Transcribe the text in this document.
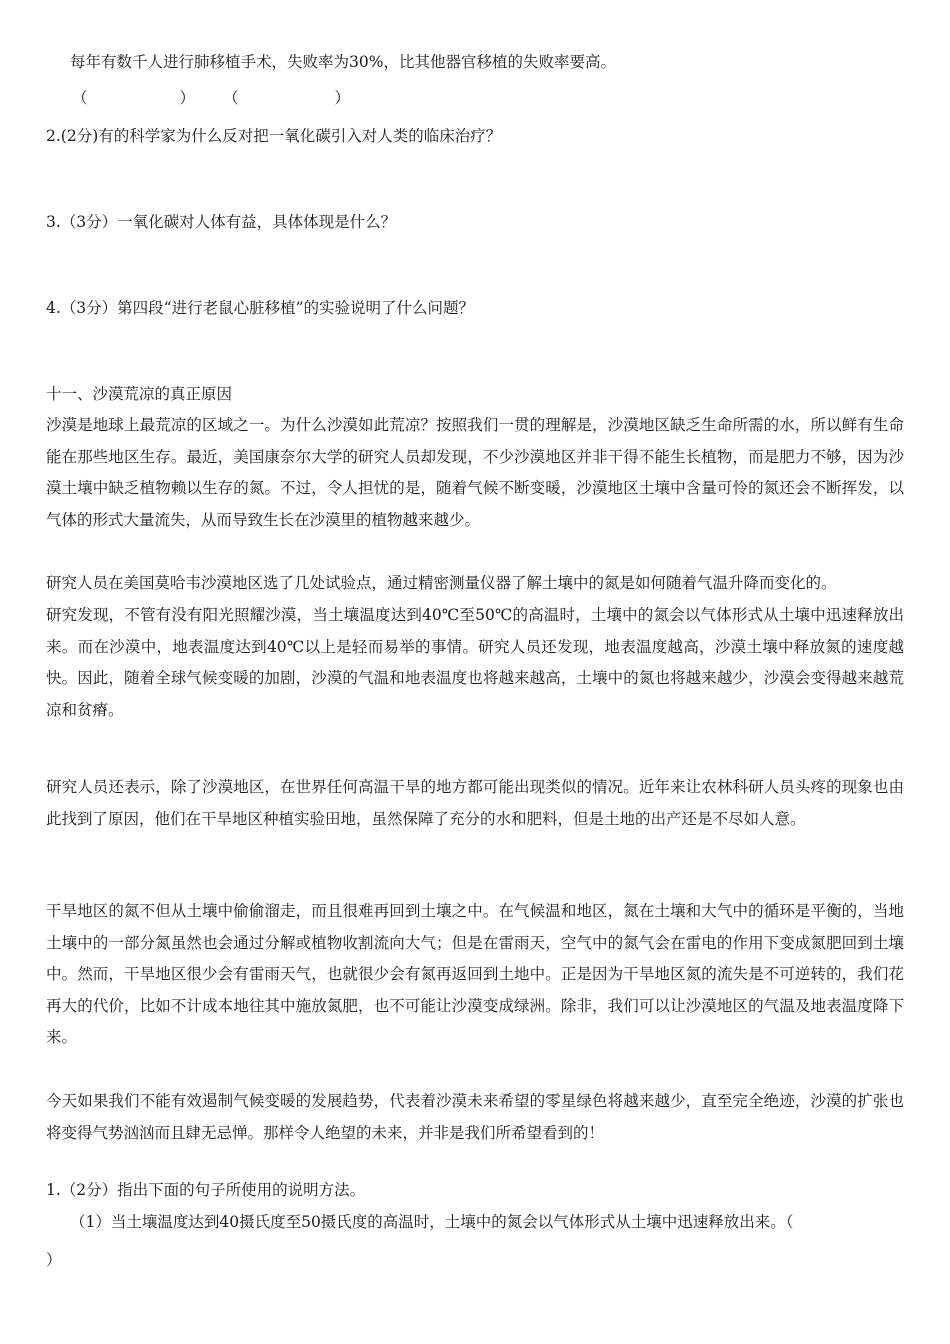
每年有数千人进行肺移植手术，失败率为30%，比其他器官移植的失败率要高。
（	） （	）
2.(2分)有的科学家为什么反对把一氧化碳引入对人类的临床治疗？
3.（3分）一氧化碳对人体有益，具体体现是什么？
4.（3分）第四段“进行老鼠心脏移植”的实验说明了什么问题？
十一、沙漠荒凉的真正原因
沙漠是地球上最荒凉的区域之一。为什么沙漠如此荒凉？按照我们一贯的理解是，沙漠地区缺乏生命所需的水，所以鲜有生命能在那些地区生存。最近，美国康奈尔大学的研究人员却发现，不少沙漠地区并非干得不能生长植物，而是肥力不够，因为沙漠土壤中缺乏植物赖以生存的氮。不过，令人担忧的是，随着气候不断变暖，沙漠地区土壤中含量可怜的氮还会不断挥发，以气体的形式大量流失，从而导致生长在沙漠里的植物越来越少。
研究人员在美国莫哈韦沙漠地区选了几处试验点，通过精密测量仪器了解土壤中的氮是如何随着气温升降而变化的。
研究发现，不管有没有阳光照耀沙漠，当土壤温度达到40℃至50℃的高温时，土壤中的氮会以气体形式从土壤中迅速释放出来。而在沙漠中，地表温度达到40℃以上是轻而易举的事情。研究人员还发现，地表温度越高，沙漠土壤中释放氮的速度越快。因此，随着全球气候变暖的加剧，沙漠的气温和地表温度也将越来越高，土壤中的氮也将越来越少，沙漠会变得越来越荒凉和贫瘠。
研究人员还表示，除了沙漠地区，在世界任何高温干旱的地方都可能出现类似的情况。近年来让农林科研人员头疼的现象也由此找到了原因，他们在干旱地区种植实验田地，虽然保障了充分的水和肥料，但是土地的出产还是不尽如人意。
干旱地区的氮不但从土壤中偷偷溜走，而且很难再回到土壤之中。在气候温和地区，氮在土壤和大气中的循环是平衡的，当地土壤中的一部分氮虽然也会通过分解或植物收割流向大气；但是在雷雨天，空气中的氮气会在雷电的作用下变成氮肥回到土壤中。然而，干旱地区很少会有雷雨天气，也就很少会有氮再返回到土地中。正是因为干旱地区氮的流失是不可逆转的，我们花再大的代价，比如不计成本地往其中施放氮肥，也不可能让沙漠变成绿洲。除非，我们可以让沙漠地区的气温及地表温度降下来。
今天如果我们不能有效遏制气候变暖的发展趋势，代表着沙漠未来希望的零星绿色将越来越少，直至完全绝迹，沙漠的扩张也将变得气势汹汹而且肆无忌惮。那样令人绝望的未来，并非是我们所希望看到的！
1.（2分）指出下面的句子所使用的说明方法。
（1）当土壤温度达到40摄氏度至50摄氏度的高温时，土壤中的氮会以气体形式从土壤中迅速释放出来。（
）
